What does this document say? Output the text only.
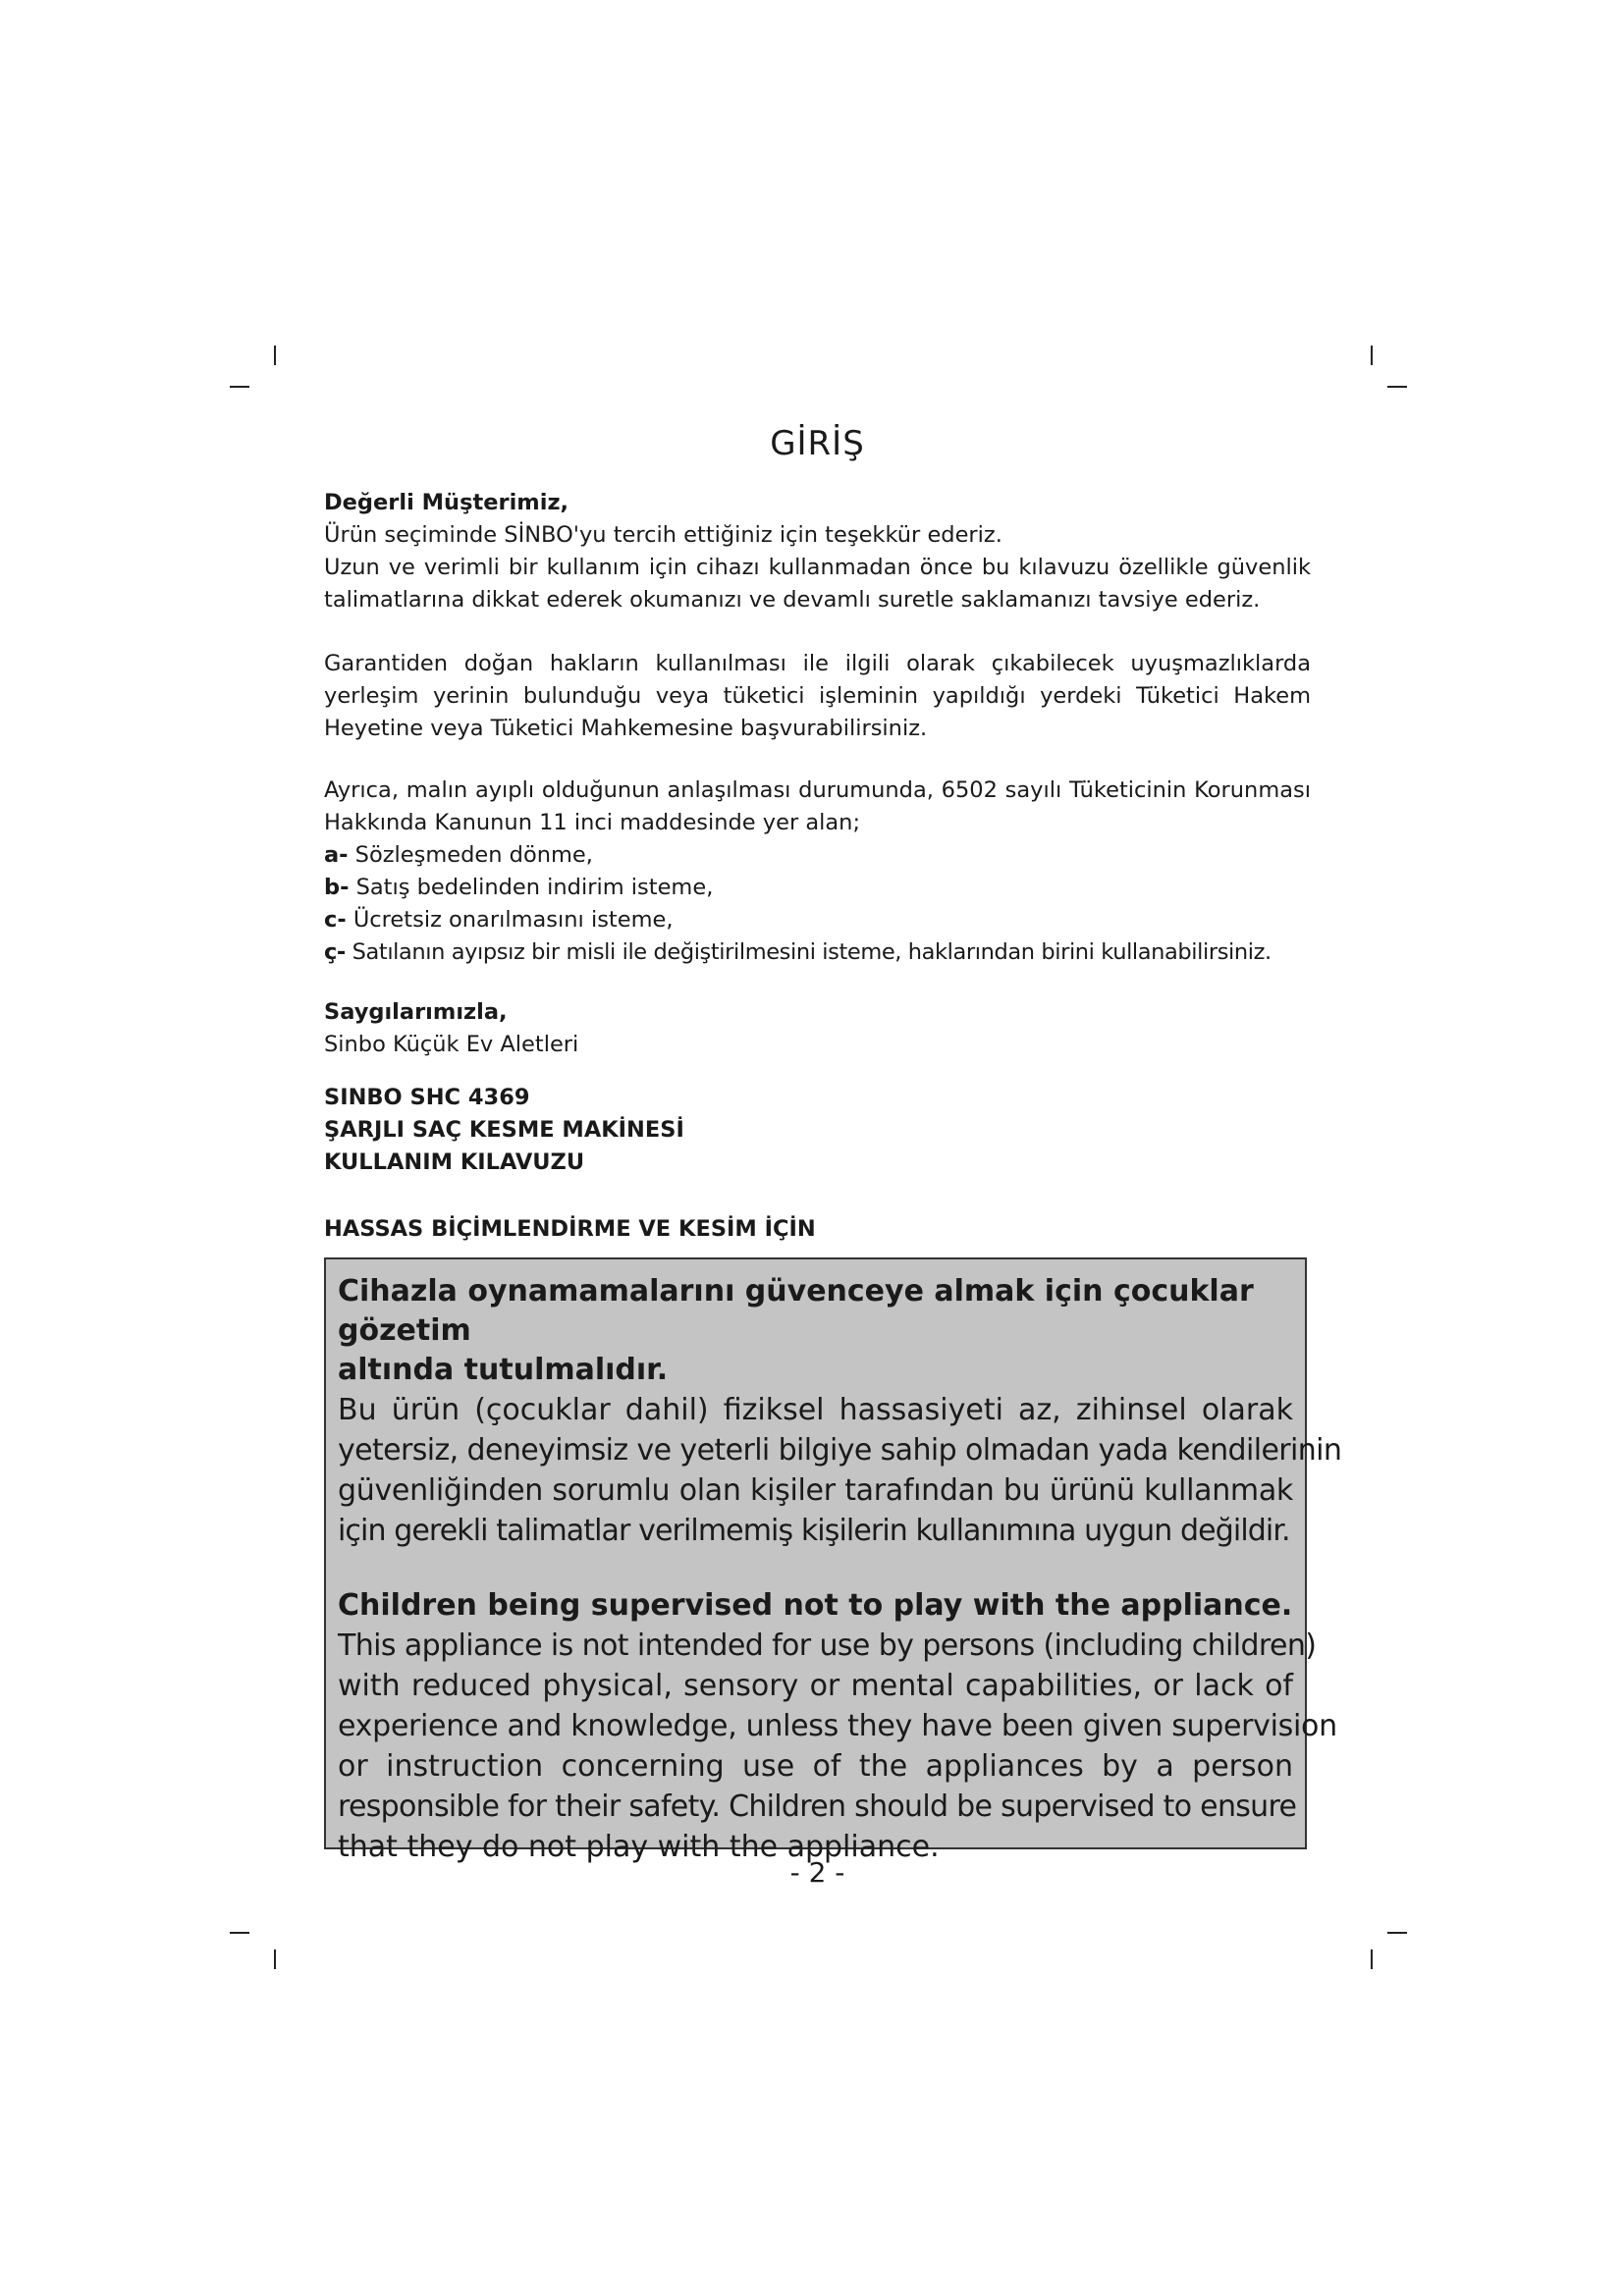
GİRİŞ
Değerli Müşterimiz,
Ürün seçiminde SİNBO'yu tercih ettiğiniz için teşekkür ederiz.
Uzun ve verimli bir kullanım için cihazı kullanmadan önce bu kılavuzu özellikle güvenlik
talimatlarına dikkat ederek okumanızı ve devamlı suretle saklamanızı tavsiye ederiz.
Garantiden doğan hakların kullanılması ile ilgili olarak çıkabilecek uyuşmazlıklarda
yerleşim yerinin bulunduğu veya tüketici işleminin yapıldığı yerdeki Tüketici Hakem
Heyetine veya Tüketici Mahkemesine başvurabilirsiniz.
Ayrıca, malın ayıplı olduğunun anlaşılması durumunda, 6502 sayılı Tüketicinin Korunması
Hakkında Kanunun 11 inci maddesinde yer alan;
a- Sözleşmeden dönme,
b- Satış bedelinden indirim isteme,
c- Ücretsiz onarılmasını isteme,
ç- Satılanın ayıpsız bir misli ile değiştirilmesini isteme, haklarından birini kullanabilirsiniz.
Saygılarımızla,
Sinbo Küçük Ev Aletleri
SINBO SHC 4369
ŞARJLI SAÇ KESME MAKİNESİ
KULLANIM KILAVUZU
HASSAS BİÇİMLENDİRME VE KESİM İÇİN
Cihazla oynamamalarını güvenceye almak için çocuklar gözetim
altında tutulmalıdır.
Bu ürün (çocuklar dahil) fiziksel hassasiyeti az, zihinsel olarak
yetersiz, deneyimsiz ve yeterli bilgiye sahip olmadan yada kendilerinin
güvenliğinden sorumlu olan kişiler tarafından bu ürünü kullanmak
için gerekli talimatlar verilmemiş kişilerin kullanımına uygun değildir.
Children being supervised not to play with the appliance.
This appliance is not intended for use by persons (including children)
with reduced physical, sensory or mental capabilities, or lack of
experience and knowledge, unless they have been given supervision
or instruction concerning use of the appliances by a person
responsible for their safety. Children should be supervised to ensure
that they do not play with the appliance.
- 2 -
